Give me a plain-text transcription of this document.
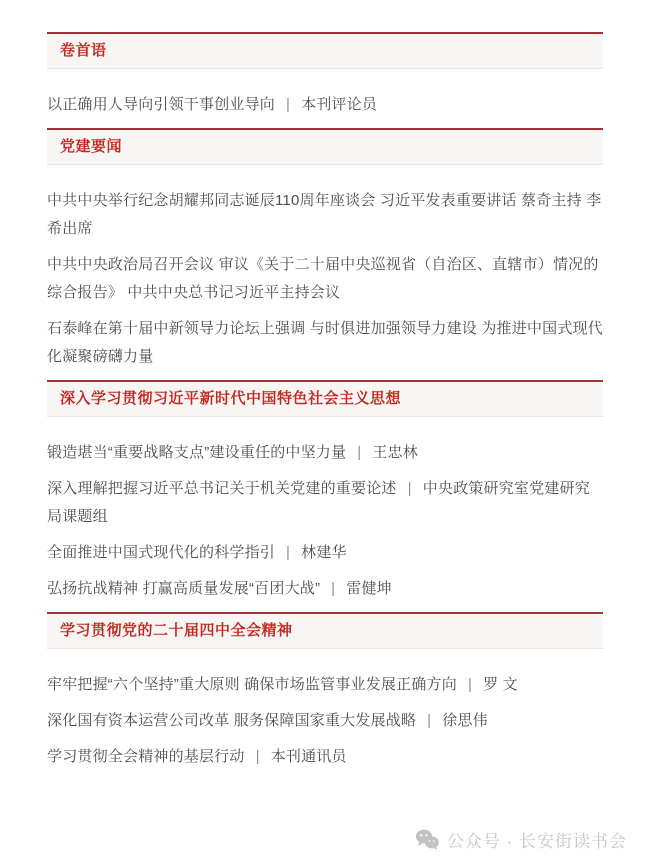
卷首语

以正确用人导向引领干事创业导向 | 本刊评论员

党建要闻

中共中央举行纪念胡耀邦同志诞辰110周年座谈会 习近平发表重要讲话 蔡奇主持 李希出席

中共中央政治局召开会议 审议《关于二十届中央巡视省（自治区、直辖市）情况的综合报告》 中共中央总书记习近平主持会议

石泰峰在第十届中新领导力论坛上强调 与时俱进加强领导力建设 为推进中国式现代化凝聚磅礴力量

深入学习贯彻习近平新时代中国特色社会主义思想

锻造堪当“重要战略支点”建设重任的中坚力量 | 王忠林

深入理解把握习近平总书记关于机关党建的重要论述 | 中央政策研究室党建研究局课题组

全面推进中国式现代化的科学指引 | 林建华

弘扬抗战精神 打赢高质量发展“百团大战” | 雷健坤

学习贯彻党的二十届四中全会精神

牢牢把握“六个坚持”重大原则 确保市场监管事业发展正确方向 | 罗 文

深化国有资本运营公司改革 服务保障国家重大发展战略 | 徐思伟

学习贯彻全会精神的基层行动 | 本刊通讯员

公众号 · 长安街读书会
